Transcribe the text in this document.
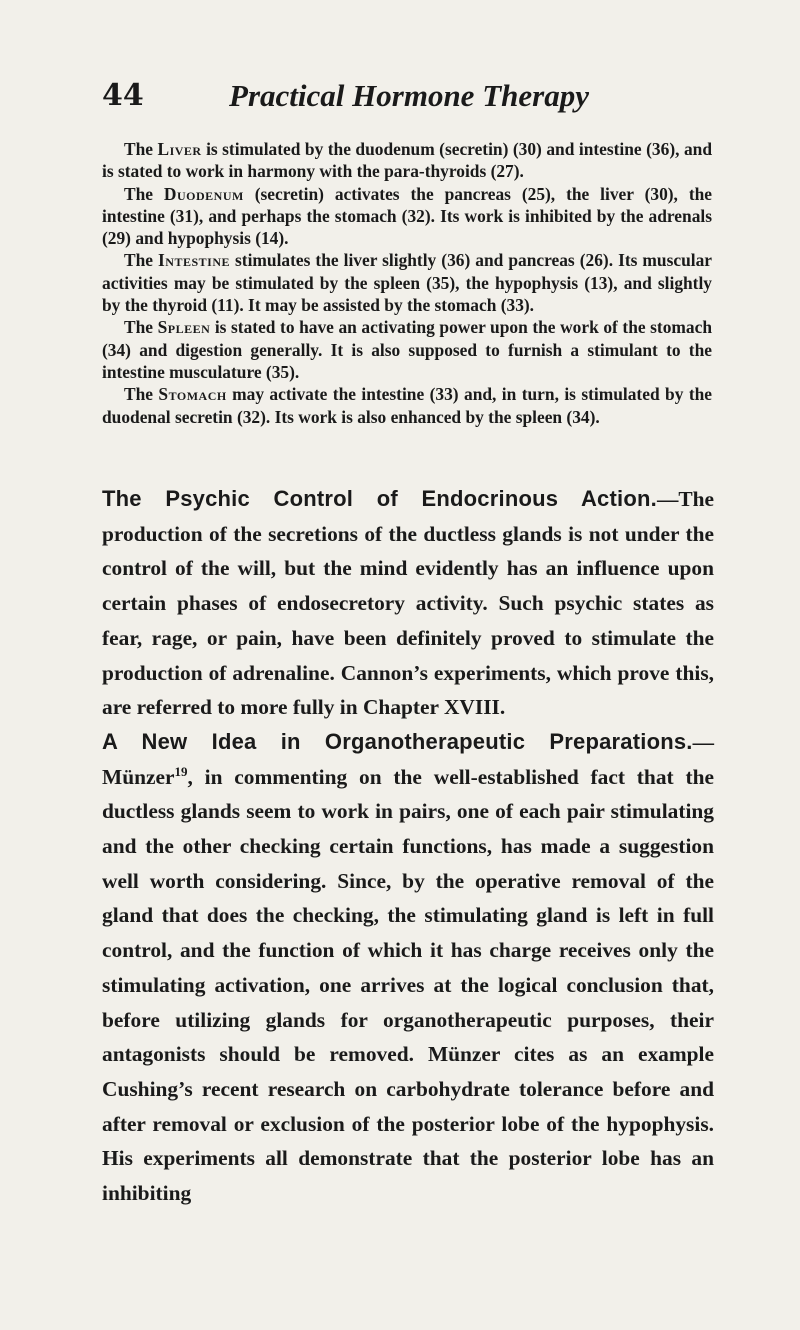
44	Practical Hormone Therapy

The Liver is stimulated by the duodenum (secretin) (30) and intestine (36), and is stated to work in harmony with the para-thyroids (27).

The Duodenum (secretin) activates the pancreas (25), the liver (30), the intestine (31), and perhaps the stomach (32). Its work is inhibited by the adrenals (29) and hypophysis (14).

The Intestine stimulates the liver slightly (36) and pancreas (26). Its muscular activities may be stimulated by the spleen (35), the hypophysis (13), and slightly by the thyroid (11). It may be assisted by the stomach (33).

The Spleen is stated to have an activating power upon the work of the stomach (34) and digestion generally. It is also supposed to furnish a stimulant to the intestine musculature (35).

The Stomach may activate the intestine (33) and, in turn, is stimulated by the duodenal secretin (32). Its work is also enhanced by the spleen (34).

The Psychic Control of Endocrinous Action.—The production of the secretions of the ductless glands is not under the control of the will, but the mind evidently has an influence upon certain phases of endosecretory activity. Such psychic states as fear, rage, or pain, have been definitely proved to stimulate the production of adrenaline. Cannon’s experiments, which prove this, are referred to more fully in Chapter XVIII.

A New Idea in Organotherapeutic Preparations.—Münzer$^{19}$, in commenting on the well-established fact that the ductless glands seem to work in pairs, one of each pair stimulating and the other checking certain functions, has made a suggestion well worth considering. Since, by the operative removal of the gland that does the checking, the stimulating gland is left in full control, and the function of which it has charge receives only the stimulating activation, one arrives at the logical conclusion that, before utilizing glands for organotherapeutic purposes, their antagonists should be removed. Münzer cites as an example Cushing’s recent research on carbohydrate tolerance before and after removal or exclusion of the posterior lobe of the hypophysis. His experiments all demonstrate that the posterior lobe has an inhibiting
